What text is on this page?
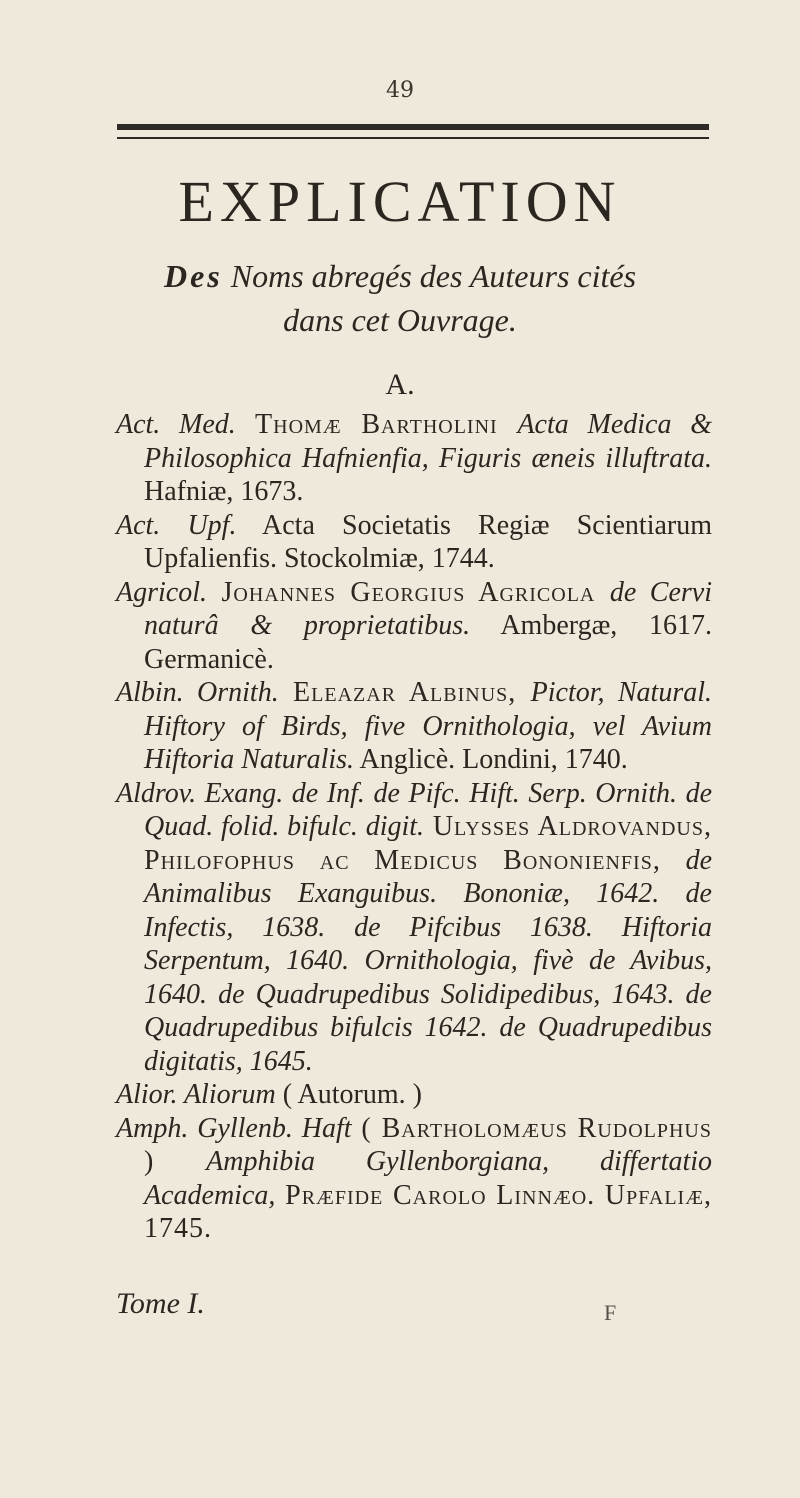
49
EXPLICATION
Des Noms abregés des Auteurs cités
dans cet Ouvrage.
A.

Act. Med. Thomæ Bartholini Acta Medica & Philosophica Hafnienfia, Figuris æneis illuftrata. Hafniæ, 1673.

Act. Upf. Acta Societatis Regiæ Scientiarum Upfalienfis. Stockolmiæ, 1744.

Agricol. Johannes Georgius Agricola de Cervi naturâ & proprietatibus. Ambergæ, 1617. Germanicè.

Albin. Ornith. Eleazar Albinus, Pictor, Natural. Hiftory of Birds, five Ornithologia, vel Avium Hiftoria Naturalis. Anglicè. Londini, 1740.

Aldrov. Exang. de Inf. de Pifc. Hift. Serp. Ornith. de Quad. folid. bifulc. digit. Ulysses Aldrovandus, Philofophus ac Medicus Bononienfis, de Animalibus Exanguibus. Bononiæ, 1642. de Infectis, 1638. de Pifcibus 1638. Hiftoria Serpentum, 1640. Ornithologia, fivè de Avibus, 1640. de Quadrupedibus Solidipedibus, 1643. de Quadrupedibus bifulcis 1642. de Quadrupedibus digitatis, 1645.

Alior. Aliorum ( Autorum. )

Amph. Gyllenb. Haft ( Bartholomæus Rudolphus ) Amphibia Gyllenborgiana, differtatio Academica, Præfide Carolo Linnæo. Upfaliæ, 1745.

Tome I.	F
